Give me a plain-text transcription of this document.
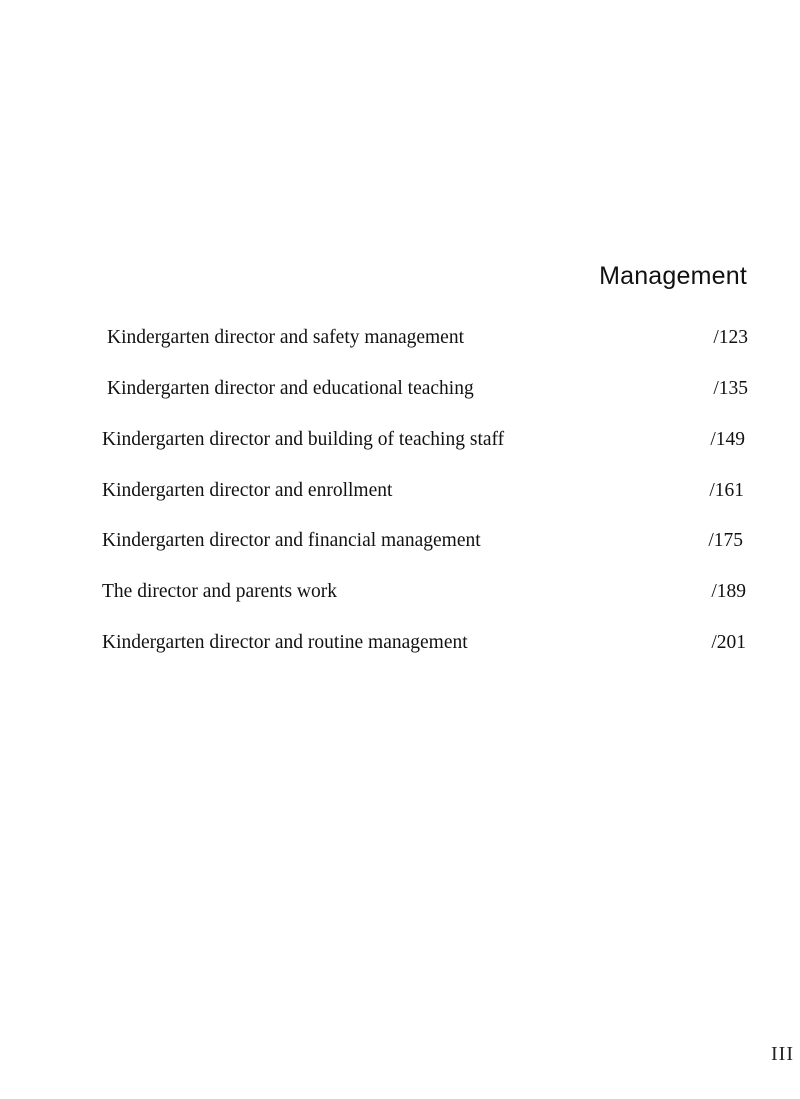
Management
Kindergarten director and safety management	/123
Kindergarten director and educational teaching	/135
Kindergarten director and building of teaching staff	/149
Kindergarten director and enrollment	/161
Kindergarten director and financial management	/175
The director and parents work	/189
Kindergarten director and routine management	/201
III
